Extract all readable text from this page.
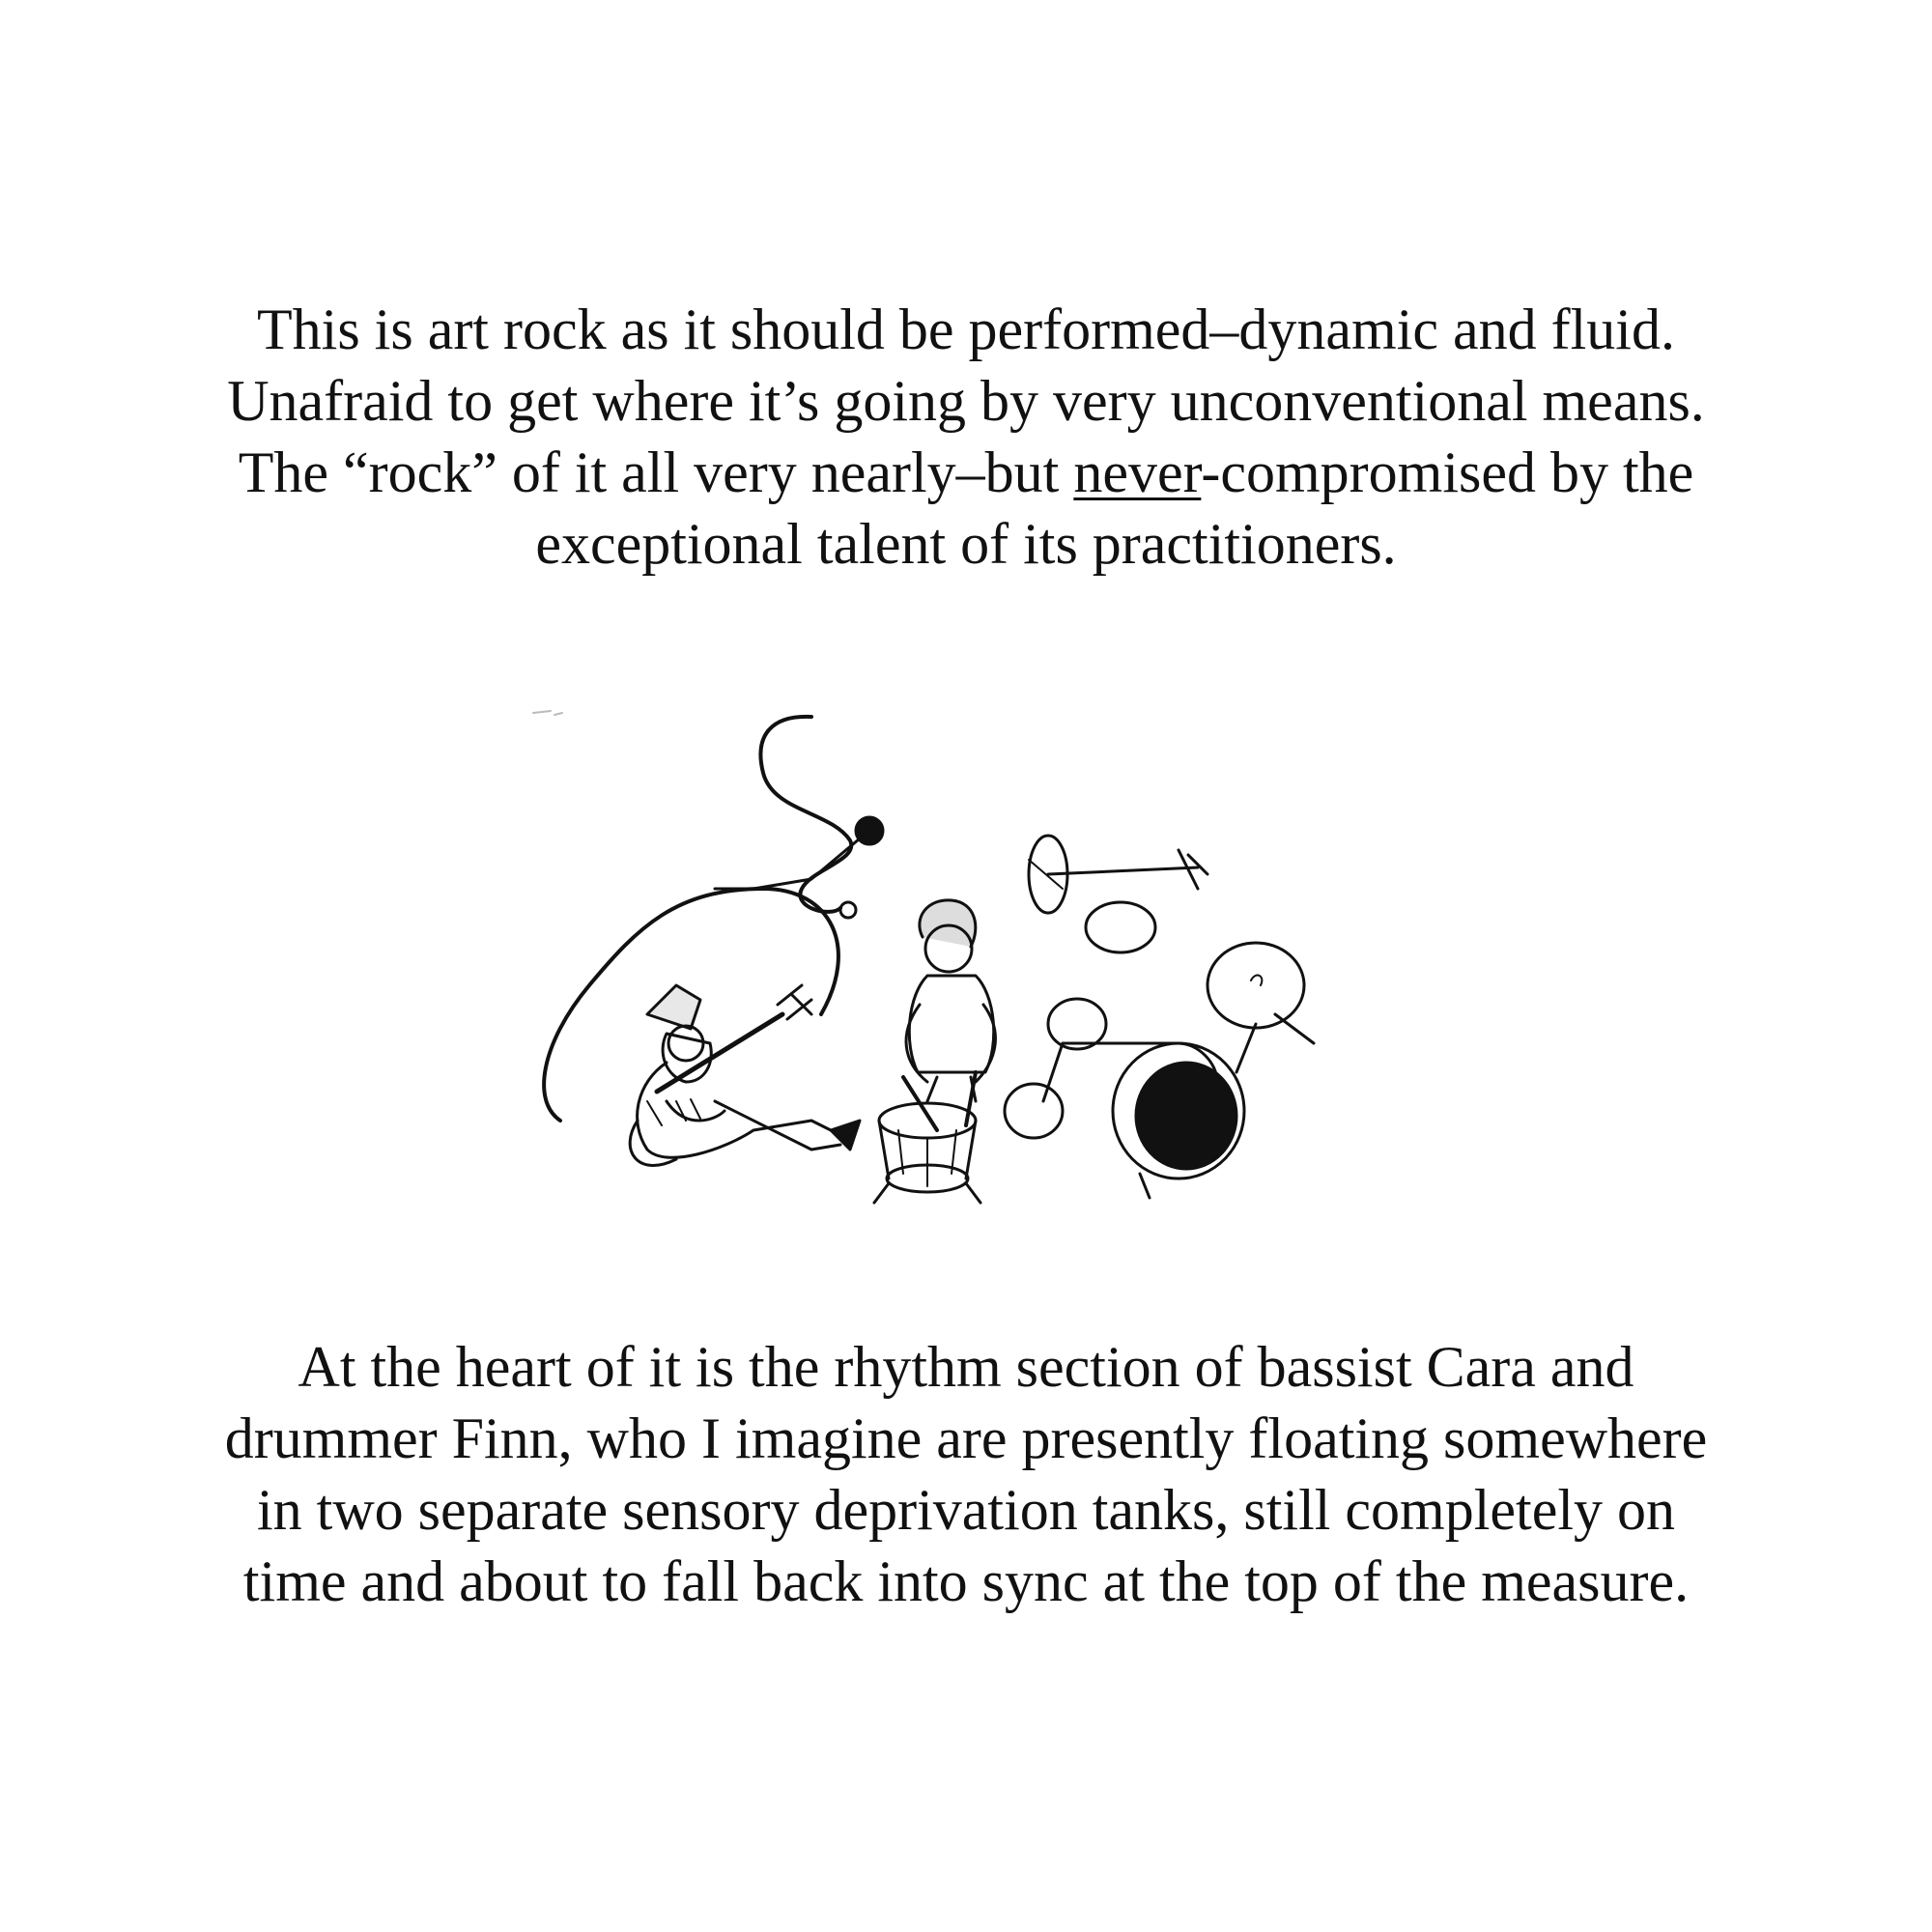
This is art rock as it should be performed–dynamic and fluid.
Unafraid to get where it’s going by very unconventional means.
The “rock” of it all very nearly–but never-compromised by the
exceptional talent of its practitioners.

At the heart of it is the rhythm section of bassist Cara and
drummer Finn, who I imagine are presently floating somewhere
in two separate sensory deprivation tanks, still completely on
time and about to fall back into sync at the top of the measure.
